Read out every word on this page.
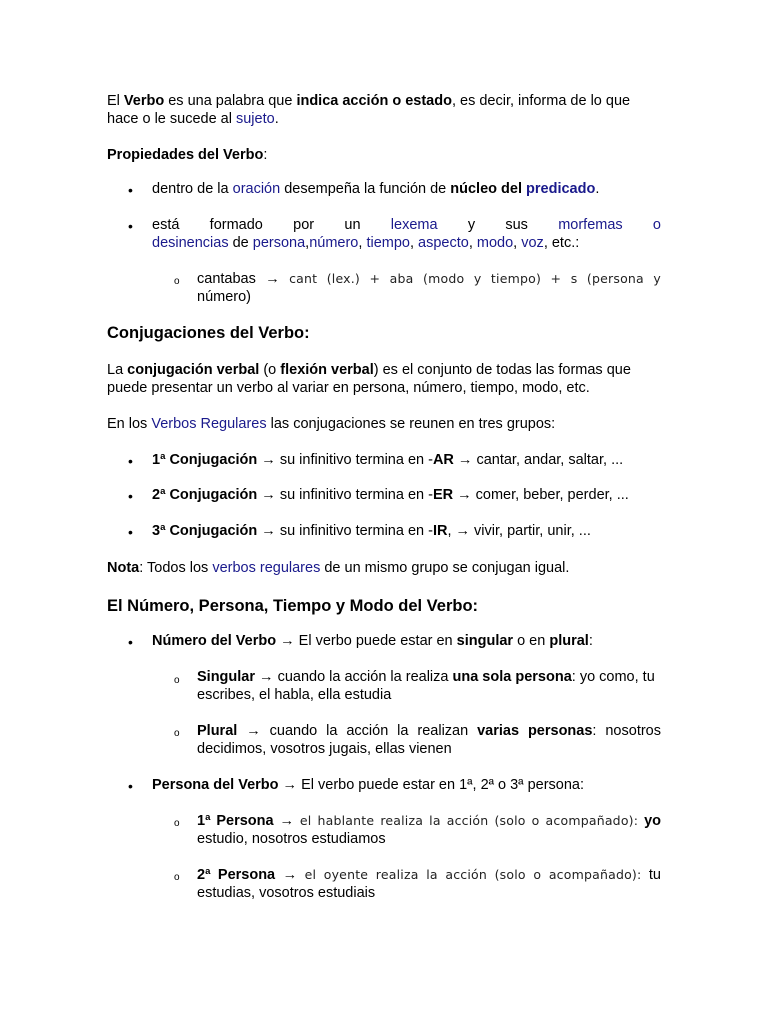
El Verbo es una palabra que indica acción o estado, es decir, informa de lo que hace o le sucede al sujeto.

Propiedades del Verbo:

• dentro de la oración desempeña la función de núcleo del predicado.

• está formado por un lexema y sus morfemas o

desinencias de persona,número, tiempo, aspecto, modo, voz, etc.:

o cantabas → cant (lex.) + aba (modo y tiempo) + s (persona y

número)

Conjugaciones del Verbo:

La conjugación verbal (o flexión verbal) es el conjunto de todas las formas que puede presentar un verbo al variar en persona, número, tiempo, modo, etc.

En los Verbos Regulares las conjugaciones se reunen en tres grupos:

• 1ª Conjugación → su infinitivo termina en -AR → cantar, andar, saltar, ...

• 2ª Conjugación → su infinitivo termina en -ER → comer, beber, perder, ...

• 3ª Conjugación → su infinitivo termina en -IR, → vivir, partir, unir, ...

Nota: Todos los verbos regulares de un mismo grupo se conjugan igual.

El Número, Persona, Tiempo y Modo del Verbo:
• Número del Verbo → El verbo puede estar en singular o en plural:

o Singular → cuando la acción la realiza una sola persona: yo como, tu escribes, el habla, ella estudia

o Plural → cuando la acción la realizan varias personas: nosotros decidimos, vosotros jugais, ellas vienen

• Persona del Verbo → El verbo puede estar en 1ª, 2ª o 3ª persona:

o 1ª Persona → el hablante realiza la acción (solo o acompañado): yo

estudio, nosotros estudiamos

o 2ª Persona → el oyente realiza la acción (solo o acompañado): tu

estudias, vosotros estudiais
